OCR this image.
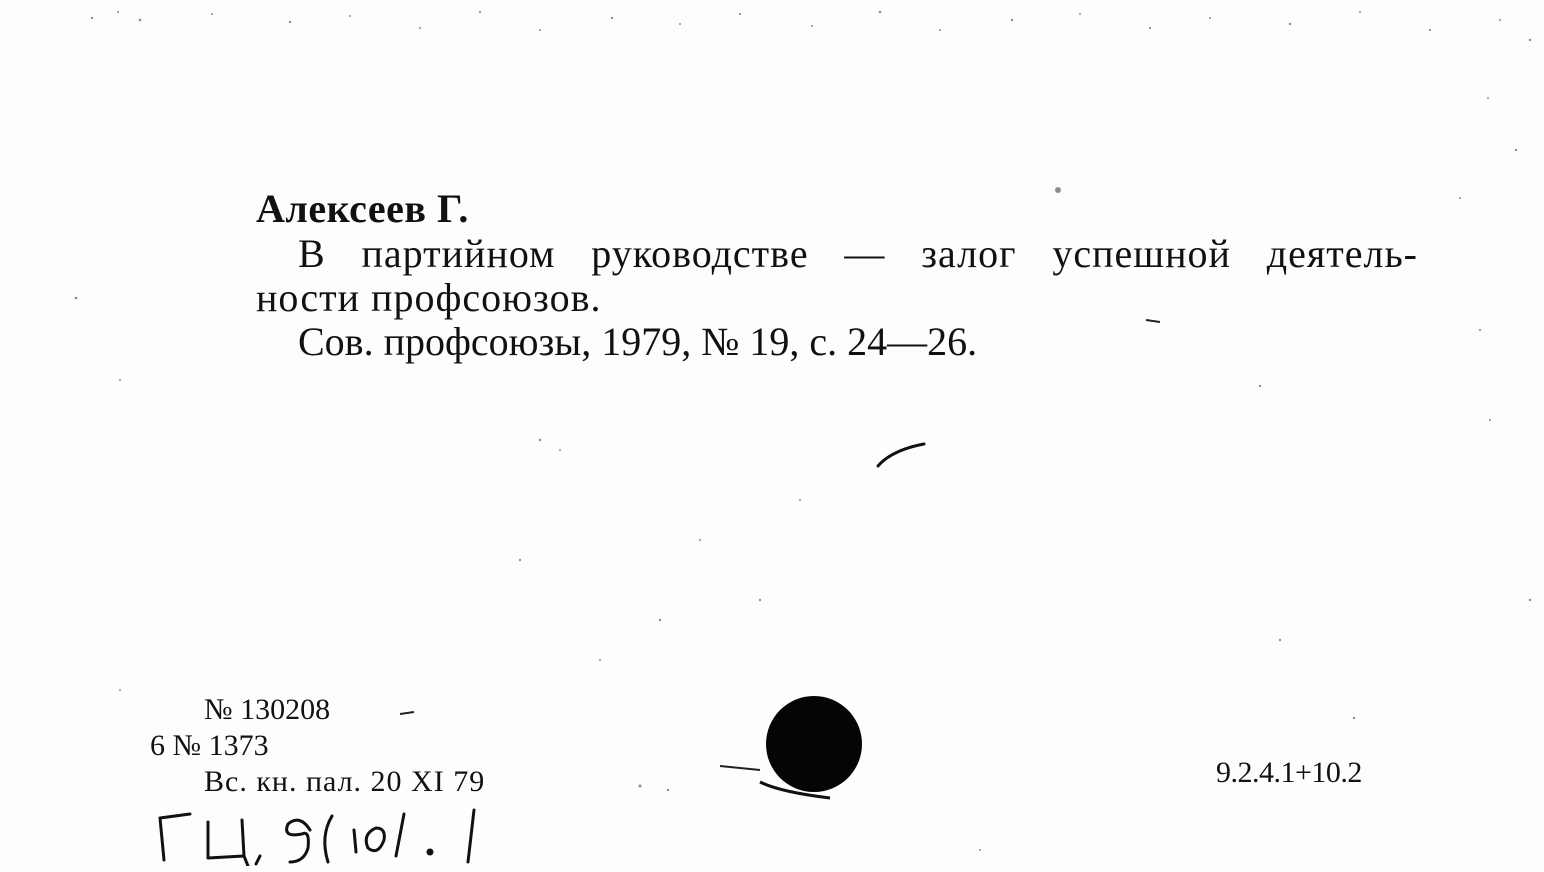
Алексеев Г.

В партийном руководстве — залог успешной деятель-

ности профсоюзов.

Сов. профсоюзы, 1979, № 19, с. 24—26.

№ 130208
6 № 1373
Вс. кн. пал. 20 XI 79	9.2.4.1+10.2
